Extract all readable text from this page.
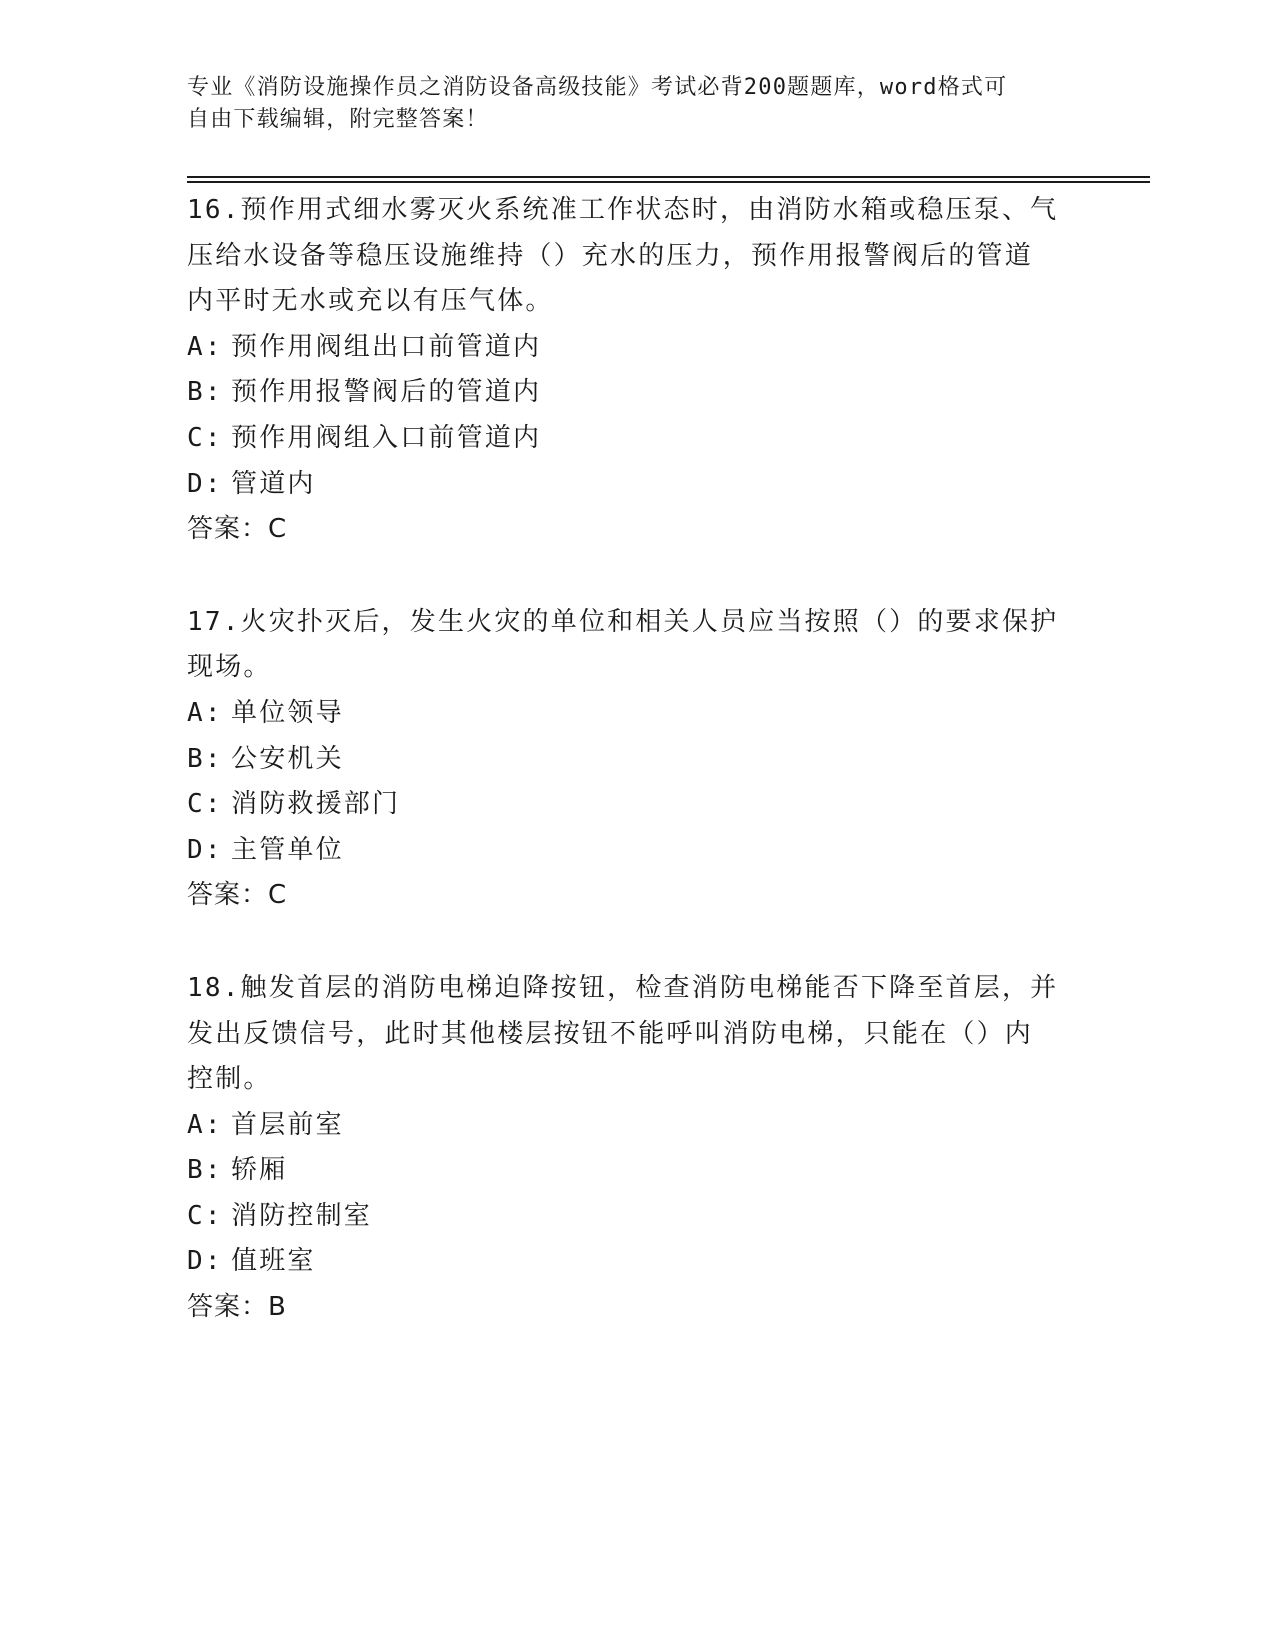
专业《消防设施操作员之消防设备高级技能》考试必背200题题库，word格式可
自由下载编辑，附完整答案！
16.预作用式细水雾灭火系统准工作状态时，由消防水箱或稳压泵、气
压给水设备等稳压设施维持（）充水的压力，预作用报警阀后的管道
内平时无水或充以有压气体。
A: 预作用阀组出口前管道内
B: 预作用报警阀后的管道内
C: 预作用阀组入口前管道内
D: 管道内
答案：C
17.火灾扑灭后，发生火灾的单位和相关人员应当按照（）的要求保护
现场。
A: 单位领导
B: 公安机关
C: 消防救援部门
D: 主管单位
答案：C
18.触发首层的消防电梯迫降按钮，检查消防电梯能否下降至首层，并
发出反馈信号，此时其他楼层按钮不能呼叫消防电梯，只能在（）内
控制。
A: 首层前室
B: 轿厢
C: 消防控制室
D: 值班室
答案：B
